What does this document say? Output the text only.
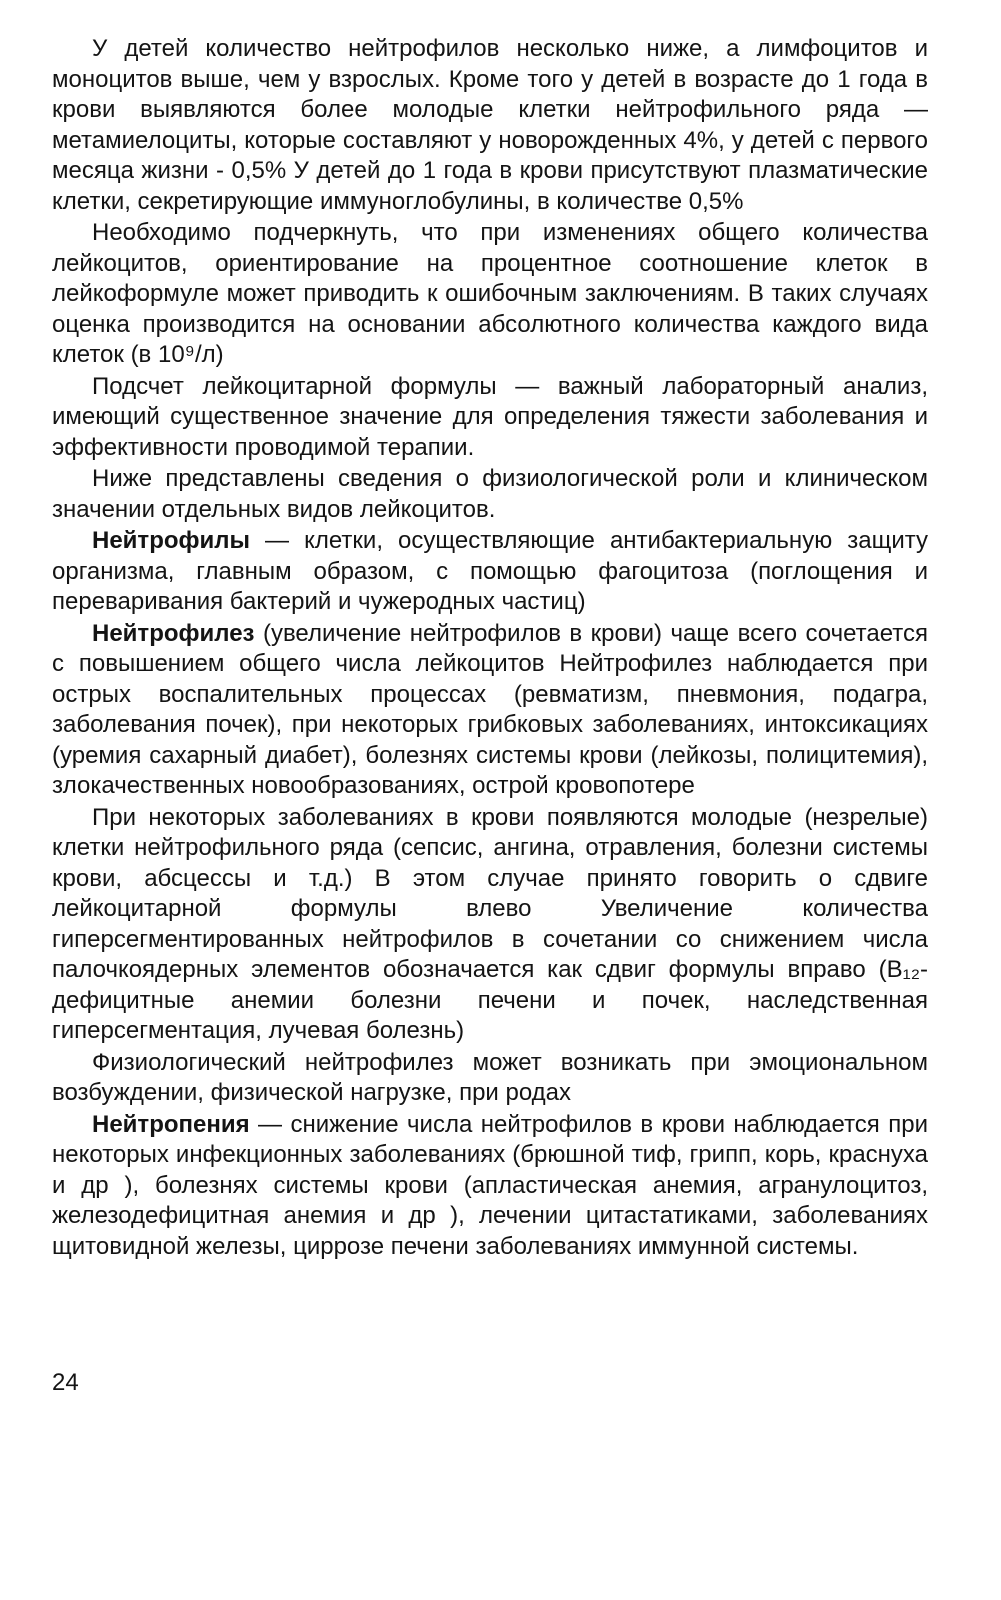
У детей количество нейтрофилов несколько ниже, а лимфоцитов и моноцитов выше, чем у взрослых. Кроме того у детей в возрасте до 1 года в крови выявляются более молодые клетки нейтрофильного ряда — метамиелоциты, которые составляют у новорожденных 4%, у детей с первого месяца жизни - 0,5% У детей до 1 года в крови присутствуют плазматические клетки, секретирующие иммуноглобулины, в количестве 0,5%

Необходимо подчеркнуть, что при изменениях общего количества лейкоцитов, ориентирование на процентное соотношение клеток в лейкоформуле может приводить к ошибочным заключениям. В таких случаях оценка производится на основании абсолютного количества каждого вида клеток (в 10⁹/л)

Подсчет лейкоцитарной формулы — важный лабораторный анализ, имеющий существенное значение для определения тяжести заболевания и эффективности проводимой терапии.

Ниже представлены сведения о физиологической роли и клиническом значении отдельных видов лейкоцитов.

Нейтрофилы — клетки, осуществляющие антибактериальную защиту организма, главным образом, с помощью фагоцитоза (поглощения и переваривания бактерий и чужеродных частиц)

Нейтрофилез (увеличение нейтрофилов в крови) чаще всего сочетается с повышением общего числа лейкоцитов Нейтрофилез наблюдается при острых воспалительных процессах (ревматизм, пневмония, подагра, заболевания почек), при некоторых грибковых заболеваниях, интоксикациях (уремия сахарный диабет), болезнях системы крови (лейкозы, полицитемия), злокачественных новообразованиях, острой кровопотере

При некоторых заболеваниях в крови появляются молодые (незрелые) клетки нейтрофильного ряда (сепсис, ангина, отравления, болезни системы крови, абсцессы и т.д.) В этом случае принято говорить о сдвиге лейкоцитарной формулы влево Увеличение количества гиперсегментированных нейтрофилов в сочетании со снижением числа палочкоядерных элементов обозначается как сдвиг формулы вправо (B₁₂-дефицитные анемии болезни печени и почек, наследственная гиперсегментация, лучевая болезнь)

Физиологический нейтрофилез может возникать при эмоциональном возбуждении, физической нагрузке, при родах

Нейтропения — снижение числа нейтрофилов в крови наблюдается при некоторых инфекционных заболеваниях (брюшной тиф, грипп, корь, краснуха и др ), болезнях системы крови (апластическая анемия, агранулоцитоз, железодефицитная анемия и др ), лечении цитастатиками, заболеваниях щитовидной железы, циррозе печени заболеваниях иммунной системы.

24
